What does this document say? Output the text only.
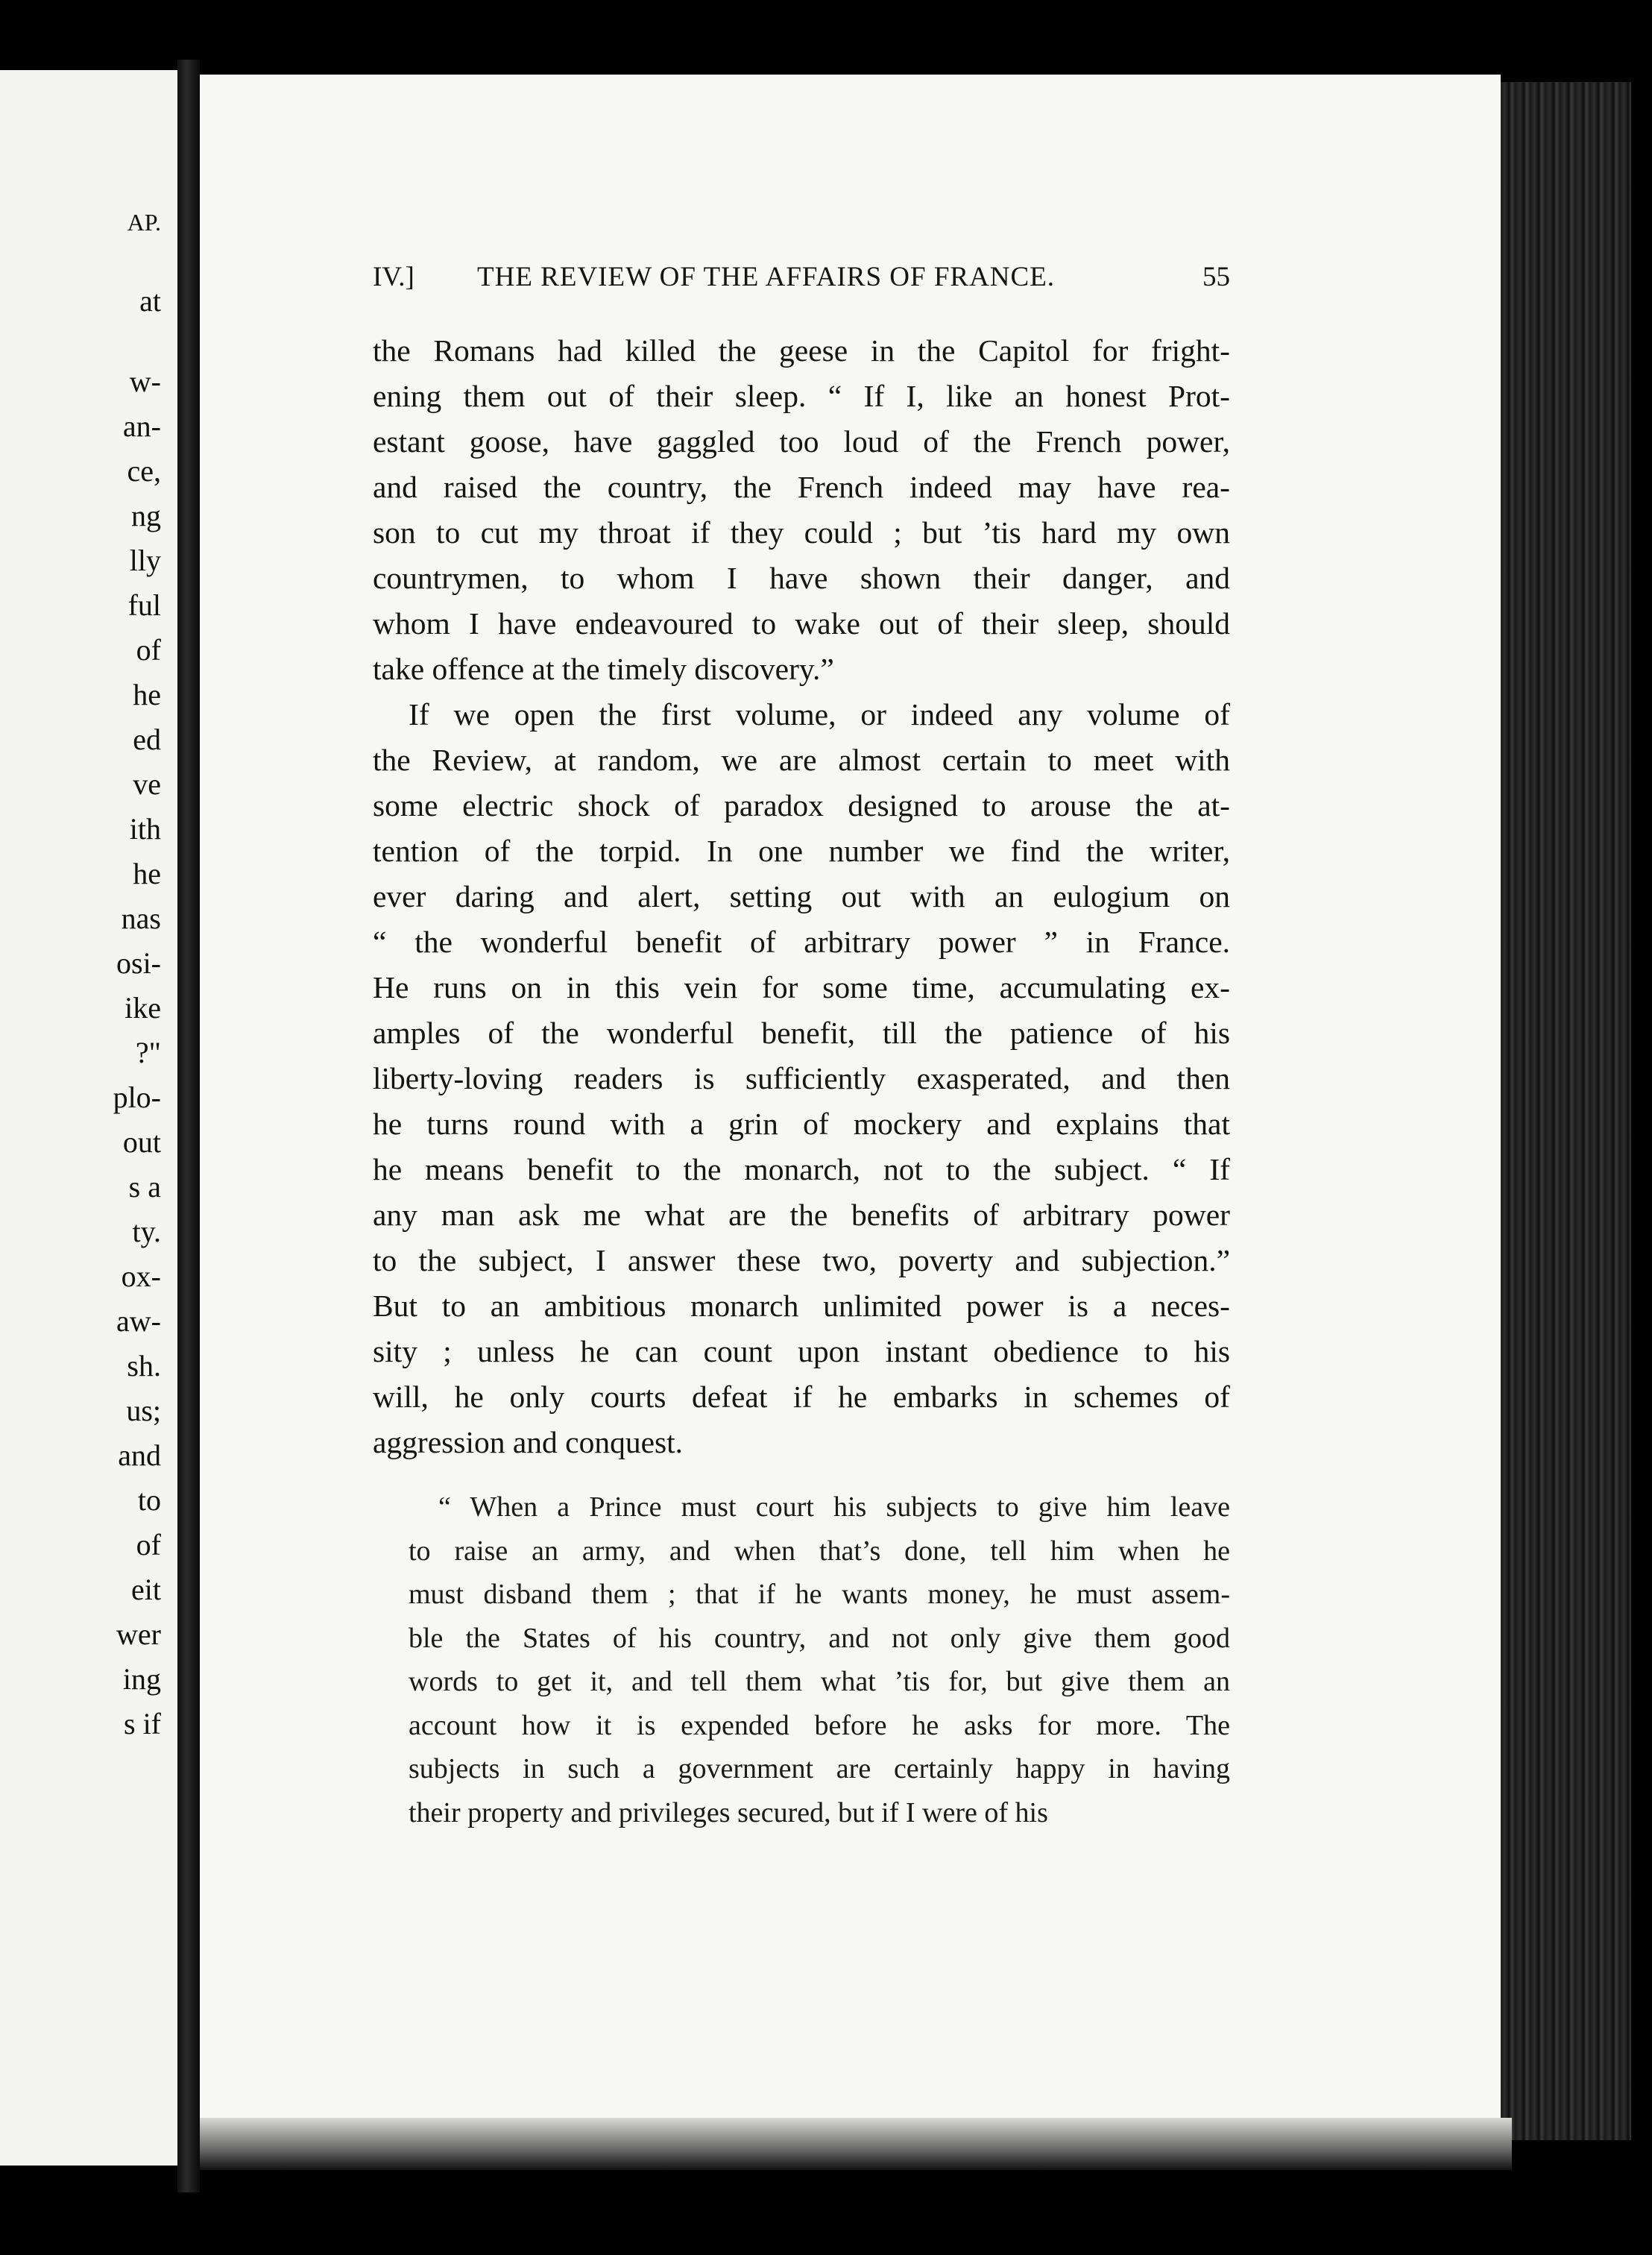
AP.
at
w-
an-
ce,
ng
lly
ful
of
he
ed
ve
ith
he
nas
osi-
ike
?"
plo-
out
s a
ty.
ox-
aw-
sh.
us;
and
to
of
eit
wer
ing
s if
IV.] THE REVIEW OF THE AFFAIRS OF FRANCE.	55

the Romans had killed the geese in the Capitol for fright-
ening them out of their sleep. “ If I, like an honest Prot-
estant goose, have gaggled too loud of the French power,
and raised the country, the French indeed may have rea-
son to cut my throat if they could ; but ’tis hard my own
countrymen, to whom I have shown their danger, and
whom I have endeavoured to wake out of their sleep, should
take offence at the timely discovery.”

If we open the first volume, or indeed any volume of
the Review, at random, we are almost certain to meet with
some electric shock of paradox designed to arouse the at-
tention of the torpid. In one number we find the writer,
ever daring and alert, setting out with an eulogium on
“ the wonderful benefit of arbitrary power ” in France.
He runs on in this vein for some time, accumulating ex-
amples of the wonderful benefit, till the patience of his
liberty-loving readers is sufficiently exasperated, and then
he turns round with a grin of mockery and explains that
he means benefit to the monarch, not to the subject. “ If
any man ask me what are the benefits of arbitrary power
to the subject, I answer these two, poverty and subjection.”
But to an ambitious monarch unlimited power is a neces-
sity ; unless he can count upon instant obedience to his
will, he only courts defeat if he embarks in schemes of
aggression and conquest.

“ When a Prince must court his subjects to give him leave
to raise an army, and when that’s done, tell him when he
must disband them ; that if he wants money, he must assem-
ble the States of his country, and not only give them good
words to get it, and tell them what ’tis for, but give them an
account how it is expended before he asks for more. The
subjects in such a government are certainly happy in having
their property and privileges secured, but if I were of his
